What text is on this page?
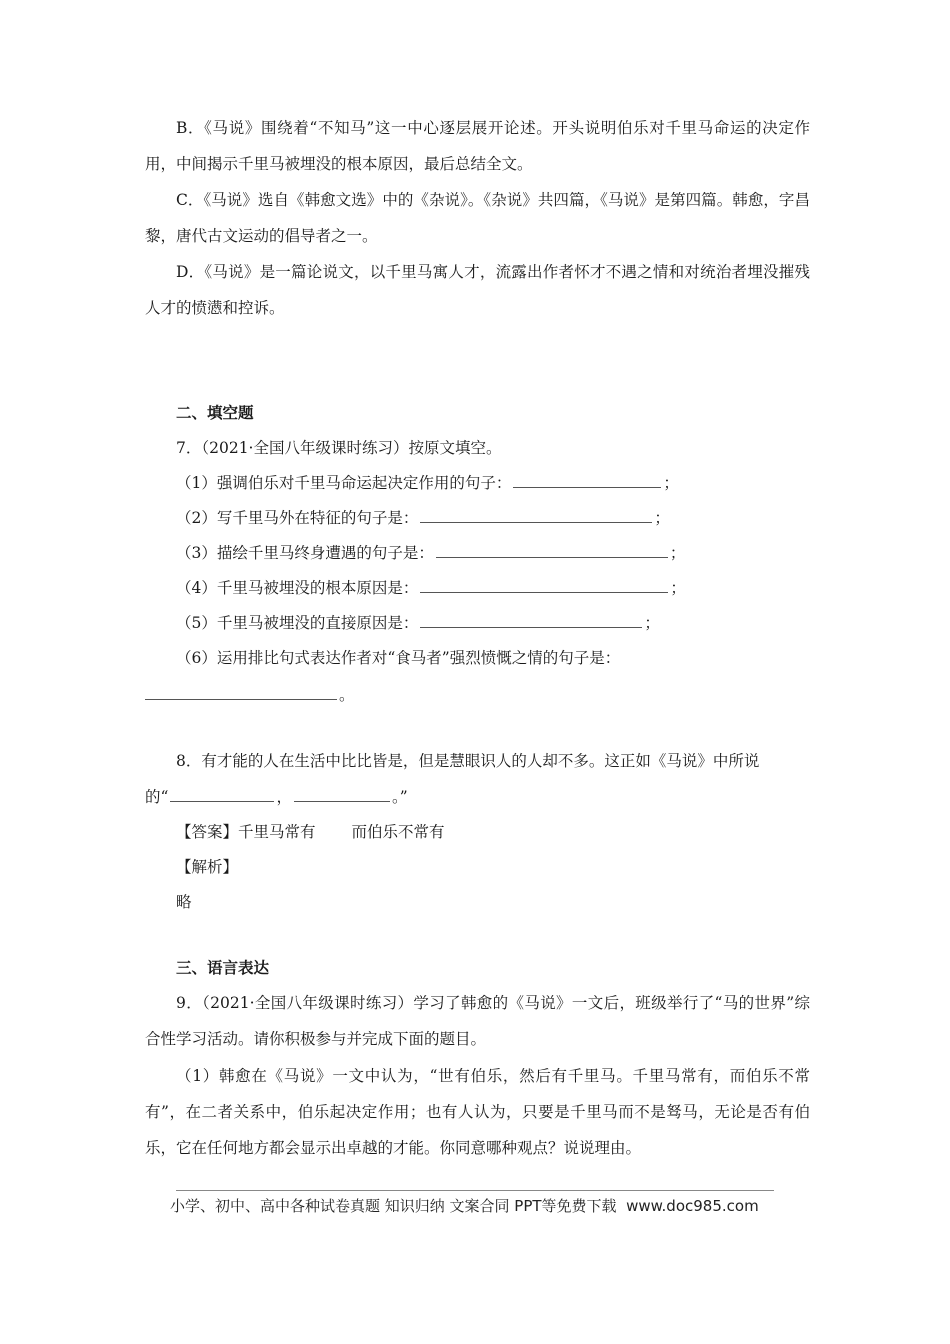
B．《马说》围绕着“不知马”这一中心逐层展开论述。开头说明伯乐对千里马命运的决定作用，中间揭示千里马被埋没的根本原因，最后总结全文。

C．《马说》选自《韩愈文选》中的《杂说》。《杂说》共四篇，《马说》是第四篇。韩愈，字昌黎，唐代古文运动的倡导者之一。

D．《马说》是一篇论说文，以千里马寓人才，流露出作者怀才不遇之情和对统治者埋没摧残人才的愤懑和控诉。

二、填空题
7．（2021·全国八年级课时练习）按原文填空。
（1）强调伯乐对千里马命运起决定作用的句子：	；
（2）写千里马外在特征的句子是：	；
（3）描绘千里马终身遭遇的句子是：	；
（4）千里马被埋没的根本原因是：	；
（5）千里马被埋没的直接原因是：	；
（6）运用排比句式表达作者对“食马者”强烈愤慨之情的句子是：
。
8．有才能的人在生活中比比皆是，但是慧眼识人的人却不多。这正如《马说》中所说
的“	，	。”
【答案】千里马常有 而伯乐不常有
【解析】
略
三、语言表达

9．（2021·全国八年级课时练习）学习了韩愈的《马说》一文后，班级举行了“马的世界”综合性学习活动。请你积极参与并完成下面的题目。

（1）韩愈在《马说》一文中认为，“世有伯乐，然后有千里马。千里马常有，而伯乐不常有”，在二者关系中，伯乐起决定作用；也有人认为，只要是千里马而不是驽马，无论是否有伯乐，它在任何地方都会显示出卓越的才能。你同意哪种观点？说说理由。

小学、初中、高中各种试卷真题 知识归纳 文案合同 PPT等免费下载 www.doc985.com
